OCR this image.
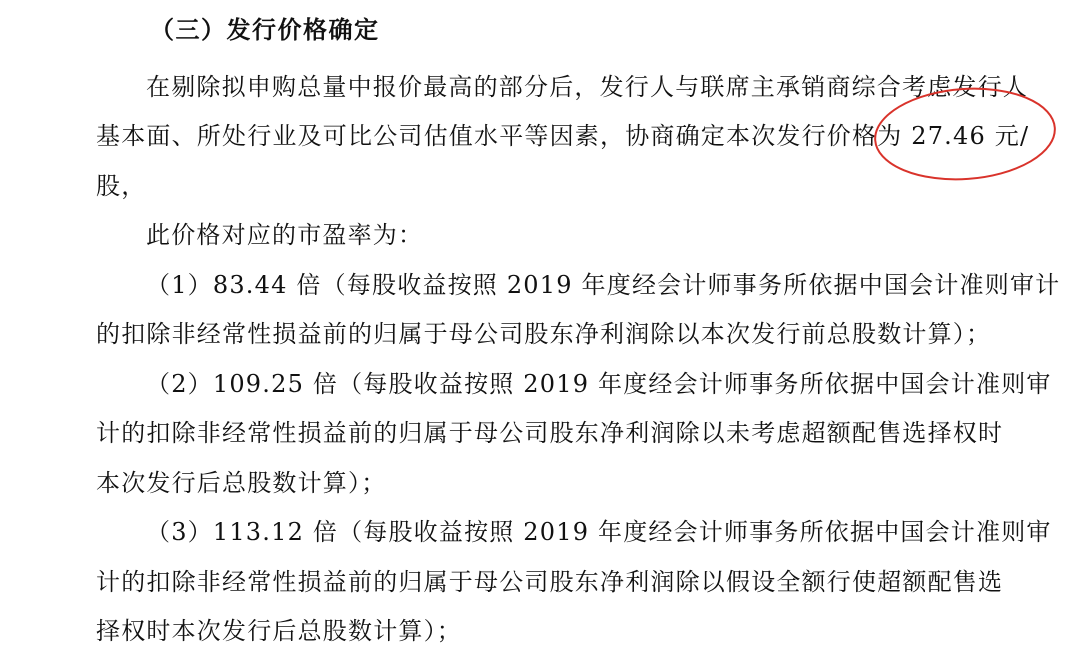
（三）发行价格确定
在剔除拟申购总量中报价最高的部分后，发行人与联席主承销商综合考虑发行人
基本面、所处行业及可比公司估值水平等因素，协商确定本次发行价格为 27.46 元/
股，
此价格对应的市盈率为：
（1）83.44 倍（每股收益按照 2019 年度经会计师事务所依据中国会计准则审计
的扣除非经常性损益前的归属于母公司股东净利润除以本次发行前总股数计算）；
（2）109.25 倍（每股收益按照 2019 年度经会计师事务所依据中国会计准则审
计的扣除非经常性损益前的归属于母公司股东净利润除以未考虑超额配售选择权时
本次发行后总股数计算）；
（3）113.12 倍（每股收益按照 2019 年度经会计师事务所依据中国会计准则审
计的扣除非经常性损益前的归属于母公司股东净利润除以假设全额行使超额配售选
择权时本次发行后总股数计算）；
